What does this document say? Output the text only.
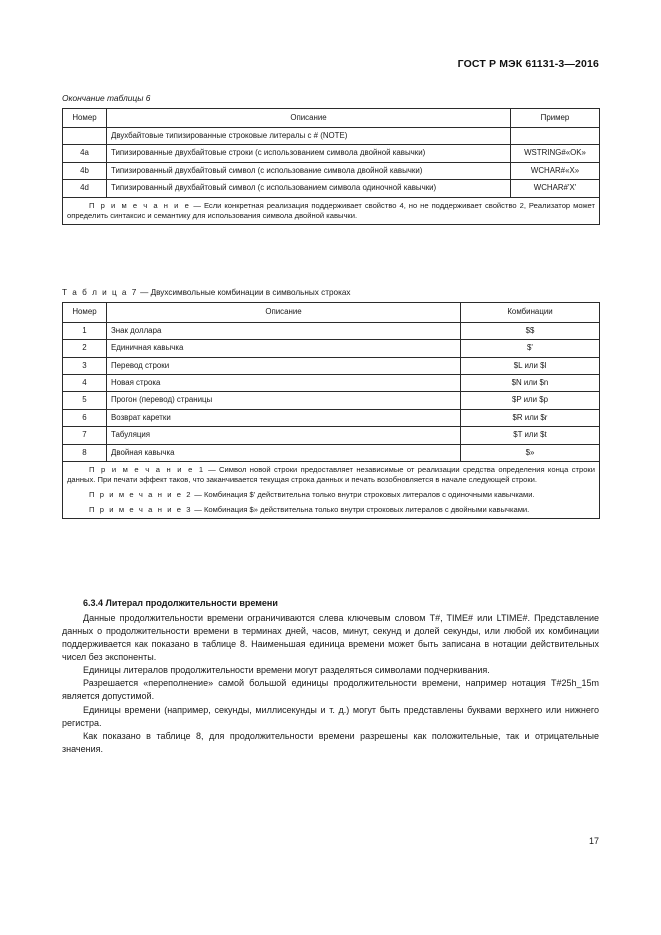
ГОСТ Р МЭК 61131-3—2016
Окончание таблицы 6
Номер	Описание	Пример
	Двухбайтовые типизированные строковые литералы с # (NOTE)	
4a	Типизированные двухбайтовые строки (с использованием символа двойной кавычки)	WSTRING#«OK»
4b	Типизированный двухбайтовый символ (с использование символа двойной кавычки)	WCHAR#«X»
4d	Типизированный двухбайтовый символ (с использованием символа одиночной кавычки)	WCHAR#'X'

П р и м е ч а н и е — Если конкретная реализация поддерживает свойство 4, но не поддерживает свойство 2, Реализатор может определить синтаксис и семантику для использования символа двойной кавычки.		

Т а б л и ц а 7 — Двухсимвольные комбинации в символьных строках
Номер	Описание	Комбинации
1	Знак доллара	$$
2	Единичная кавычка	$'
3	Перевод строки	$L или $l
4	Новая строка	$N или $n
5	Прогон (перевод) страницы	$P или $p
6	Возврат каретки	$R или $r
7	Табуляция	$T или $t
8	Двойная кавычка	$»

П р и м е ч а н и е 1 — Символ новой строки предоставляет независимые от реализации средства определения конца строки данных. При печати эффект таков, что заканчивается текущая строка данных и печать возобновляется в начале следующей строки.

П р и м е ч а н и е 2 — Комбинация $' действительна только внутри строковых литералов с одиночными кавычками.

П р и м е ч а н и е 3 — Комбинация $» действительна только внутри строковых литералов с двойными кавычками.		

6.3.4 Литерал продолжительности времени

Данные продолжительности времени ограничиваются слева ключевым словом T#, TIME# или LTIME#. Представление данных о продолжительности времени в терминах дней, часов, минут, секунд и долей секунды, или любой их комбинации поддерживается как показано в таблице 8. Наименьшая единица времени может быть записана в нотации действительных чисел без экспоненты.

Единицы литералов продолжительности времени могут разделяться символами подчеркивания.

Разрешается «переполнение» самой большой единицы продолжительности времени, например нотация T#25h_15m является допустимой.

Единицы времени (например, секунды, миллисекунды и т. д.) могут быть представлены буквами верхнего или нижнего регистра.

Как показано в таблице 8, для продолжительности времени разрешены как положительные, так и отрицательные значения.

17
